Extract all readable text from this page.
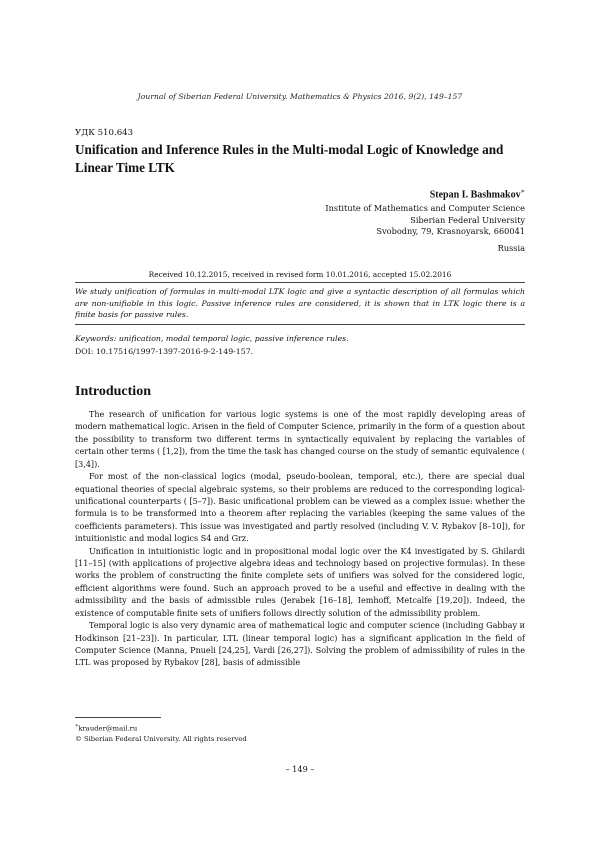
Journal of Siberian Federal University. Mathematics & Physics 2016, 9(2), 149–157
УДК 510.643
Unification and Inference Rules in the Multi-modal Logic of Knowledge and Linear Time LTK
Stepan I. Bashmakov∗
Institute of Mathematics and Computer Science
Siberian Federal University
Svobodny, 79, Krasnoyarsk, 660041
Russia
Received 10.12.2015, received in revised form 10.01.2016, accepted 15.02.2016

We study unification of formulas in multi-modal LTK logic and give a syntactic description of all formulas which are non-unifiable in this logic. Passive inference rules are considered, it is shown that in LTK logic there is a finite basis for passive rules.

Keywords: unification, modal temporal logic, passive inference rules.
DOI: 10.17516/1997-1397-2016-9-2-149-157.
Introduction

The research of unification for various logic systems is one of the most rapidly developing areas of modern mathematical logic. Arisen in the field of Computer Science, primarily in the form of a question about the possibility to transform two different terms in syntactically equivalent by replacing the variables of certain other terms ( [1,2]), from the time the task has changed course on the study of semantic equivalence ( [3,4]).

For most of the non-classical logics (modal, pseudo-boolean, temporal, etc.), there are special dual equational theories of special algebraic systems, so their problems are reduced to the corresponding logical-unificational counterparts ( [5–7]). Basic unificational problem can be viewed as a complex issue: whether the formula is to be transformed into a theorem after replacing the variables (keeping the same values of the coefficients parameters). This issue was investigated and partly resolved (including V. V. Rybakov [8–10]), for intuitionistic and modal logics S4 and Grz.

Unification in intuitionistic logic and in propositional modal logic over the K4 investigated by S. Ghilardi [11–15] (with applications of projective algebra ideas and technology based on projective formulas). In these works the problem of constructing the finite complete sets of unifiers was solved for the considered logic, efficient algorithms were found. Such an approach proved to be a useful and effective in dealing with the admissibility and the basis of admissible rules (Jerabek [16–18], Iemhoff, Metcalfe [19,20]). Indeed, the existence of computable finite sets of unifiers follows directly solution of the admissibility problem.

Temporal logic is also very dynamic area of mathematical logic and computer science (including Gabbay и Hodkinson [21–23]). In particular, LTL (linear temporal logic) has a significant application in the field of Computer Science (Manna, Pnueli [24,25], Vardi [26,27]). Solving the problem of admissibility of rules in the LTL was proposed by Rybakov [28], basis of admissible

∗krauder@mail.ru
© Siberian Federal University. All rights reserved
– 149 –
